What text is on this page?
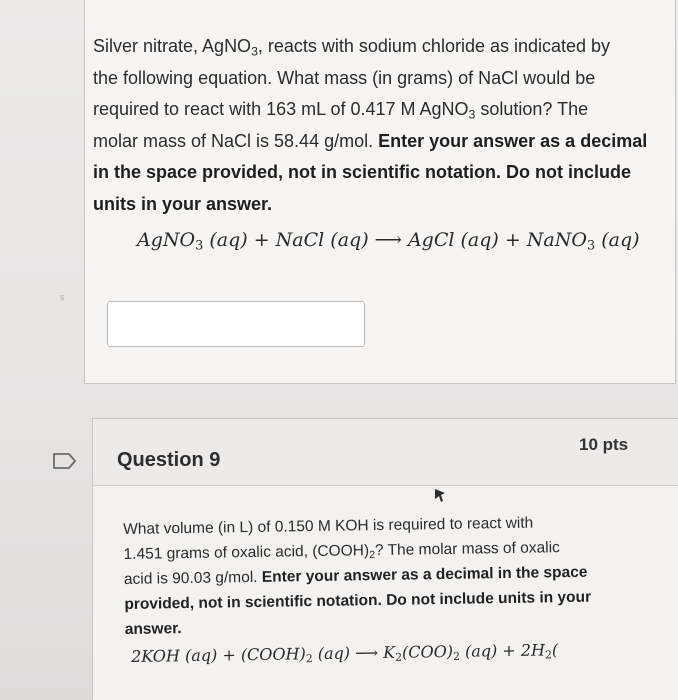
Silver nitrate, AgNO$_3$, reacts with sodium chloride as indicated by
the following equation. What mass (in grams) of NaCl would be
required to react with 163 mL of 0.417 M AgNO$_3$ solution? The
molar mass of NaCl is 58.44 g/mol. Enter your answer as a decimal
in the space provided, not in scientific notation. Do not include
units in your answer.
AgNO$_3$ (aq) + NaCl (aq) ⟶ AgCl (aq) + NaNO$_3$ (aq)
Question 9
10 pts
What volume (in L) of 0.150 M KOH is required to react with
1.451 grams of oxalic acid, $(COOH)_2$? The molar mass of oxalic
acid is 90.03 g/mol. Enter your answer as a decimal in the space
provided, not in scientific notation. Do not include units in your
answer.
2KOH $(aq) + (COOH)_2$ (aq) ⟶ $K_2(COO)_2$ $(aq) + 2H_2$(
s
